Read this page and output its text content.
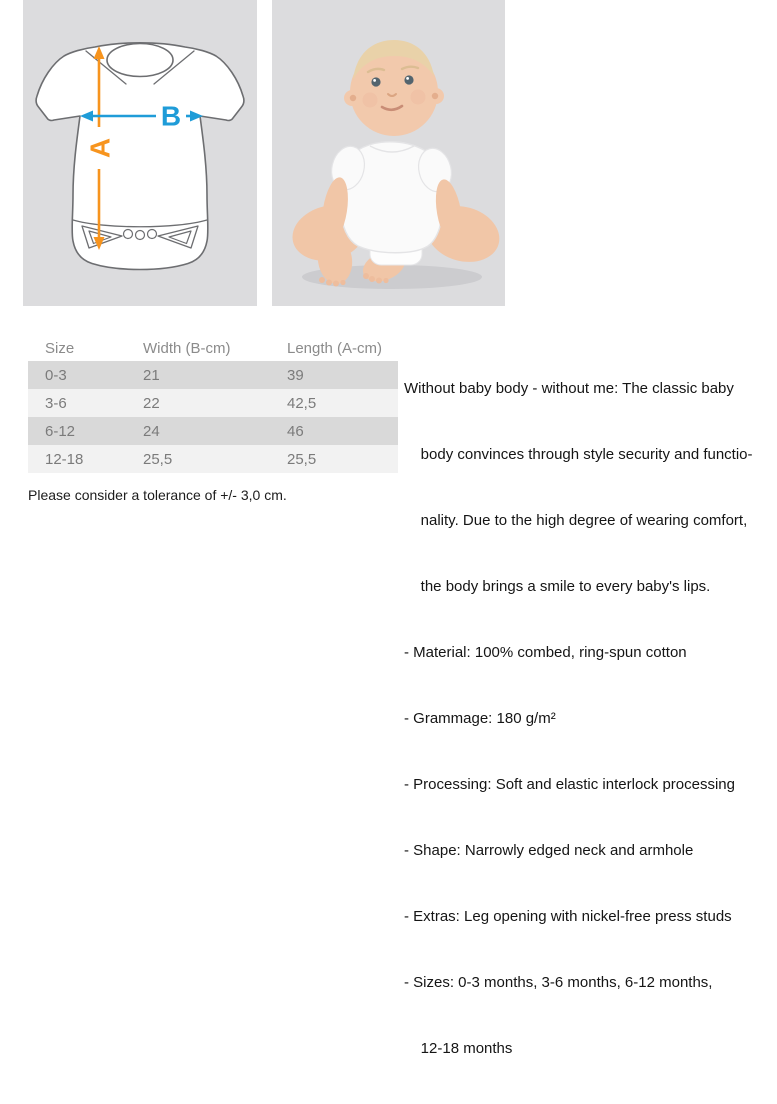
A
B
Size	Width (B-cm)	Length (A-cm)
0-3	21	39
3-6	22	42,5
6-12	24	46
12-18	25,5	25,5
Please consider a tolerance of +/- 3,0 cm.

Without baby body - without me: The classic baby

body convinces through style security and functio-

nality. Due to the high degree of wearing comfort,

the body brings a smile to every baby's lips.

- Material: 100% combed, ring-spun cotton

- Grammage: 180 g/m²

- Processing: Soft and elastic interlock processing

- Shape: Narrowly edged neck and armhole

- Extras: Leg opening with nickel-free press studs

- Sizes: 0-3 months, 3-6 months, 6-12 months,

12-18 months
